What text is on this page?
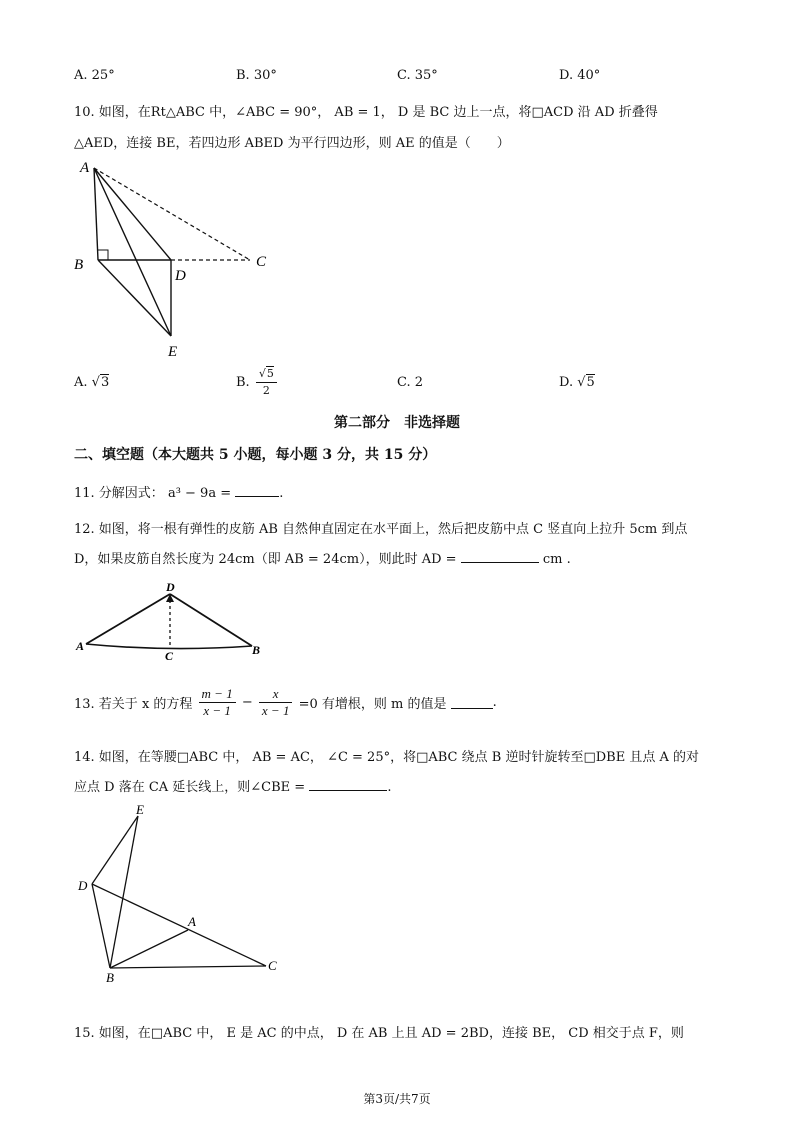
A. 25°	B. 30°	C. 35°	D. 40°
10. 如图，在Rt△ABC 中，∠ABC = 90°， AB = 1， D 是 BC 边上一点，将□ACD 沿 AD 折叠得
△AED，连接 BE，若四边形 ABED 为平行四边形，则 AE 的值是（　　）
A
B	C
D
E
A. √3	B. $\frac{√5}{2}$	C. 2	D. √5
第二部分　非选择题
二、填空题（本大题共 5 小题，每小题 3 分，共 15 分）
11. 分解因式： a³ − 9a =	.
12. 如图，将一根有弹性的皮筋 AB 自然伸直固定在水平面上，然后把皮筋中点 C 竖直向上拉升 5cm 到点
D，如果皮筋自然长度为 24cm（即 AB = 24cm），则此时 AD =	cm .
D
A
C	B
13. 若关于 x 的方程 $\frac{m - 1}{x - 1} - \frac{x}{x - 1} =0$ 有增根，则 m 的值是	.
14. 如图，在等腰□ABC 中， AB = AC， ∠C = 25°，将□ABC 绕点 B 逆时针旋转至□DBE 且点 A 的对
应点 D 落在 CA 延长线上，则∠CBE =	.
E
D
A
B
C
15. 如图，在□ABC 中， E 是 AC 的中点， D 在 AB 上且 AD = 2BD，连接 BE， CD 相交于点 F，则
第3页/共7页
